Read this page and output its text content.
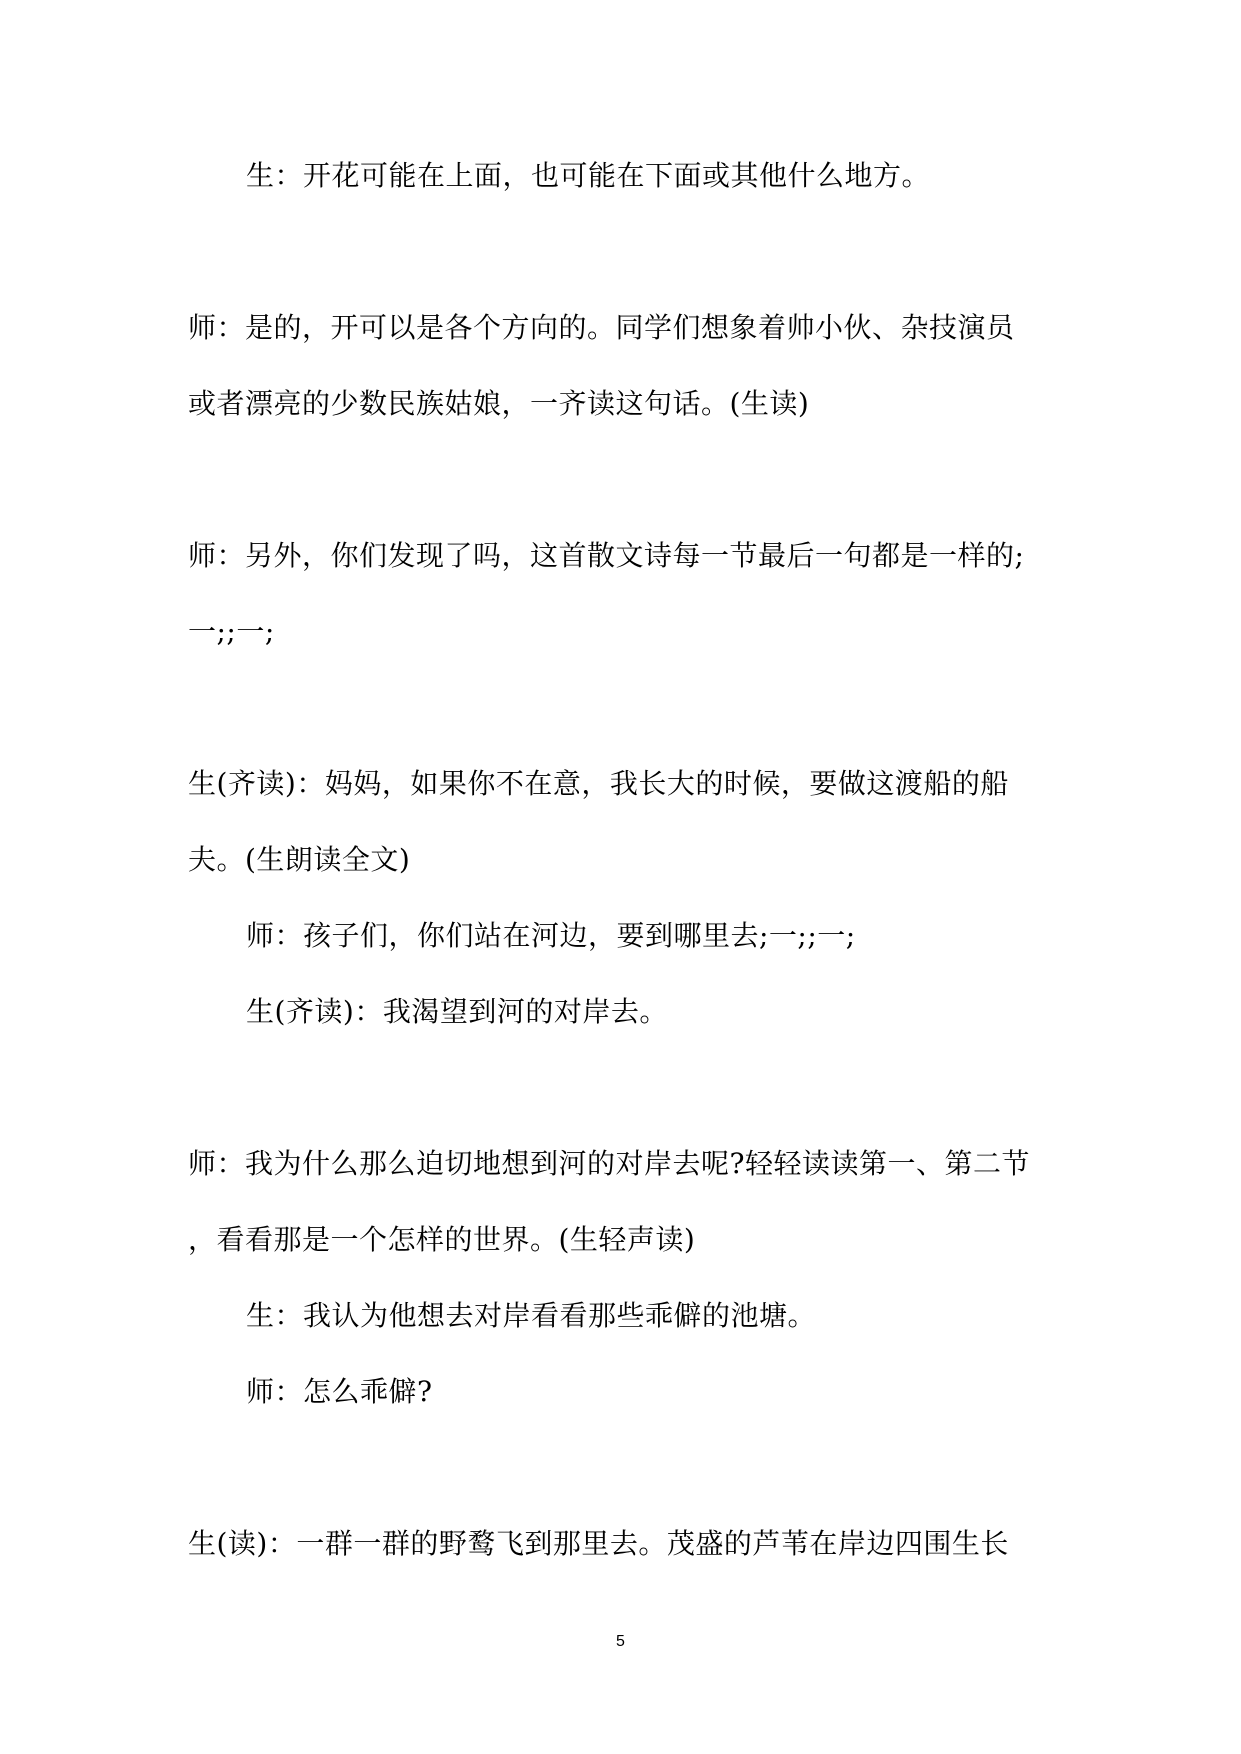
生：开花可能在上面，也可能在下面或其他什么地方。
师：是的，开可以是各个方向的。同学们想象着帅小伙、杂技演员
或者漂亮的少数民族姑娘，一齐读这句话。(生读)
师：另外，你们发现了吗，这首散文诗每一节最后一句都是一样的;
一;;一;
生(齐读)：妈妈，如果你不在意，我长大的时候，要做这渡船的船
夫。(生朗读全文)
师：孩子们，你们站在河边，要到哪里去;一;;一;
生(齐读)：我渴望到河的对岸去。
师：我为什么那么迫切地想到河的对岸去呢?轻轻读读第一、第二节
，看看那是一个怎样的世界。(生轻声读)
生：我认为他想去对岸看看那些乖僻的池塘。
师：怎么乖僻?
生(读)：一群一群的野鹜飞到那里去。茂盛的芦苇在岸边四围生长
5
